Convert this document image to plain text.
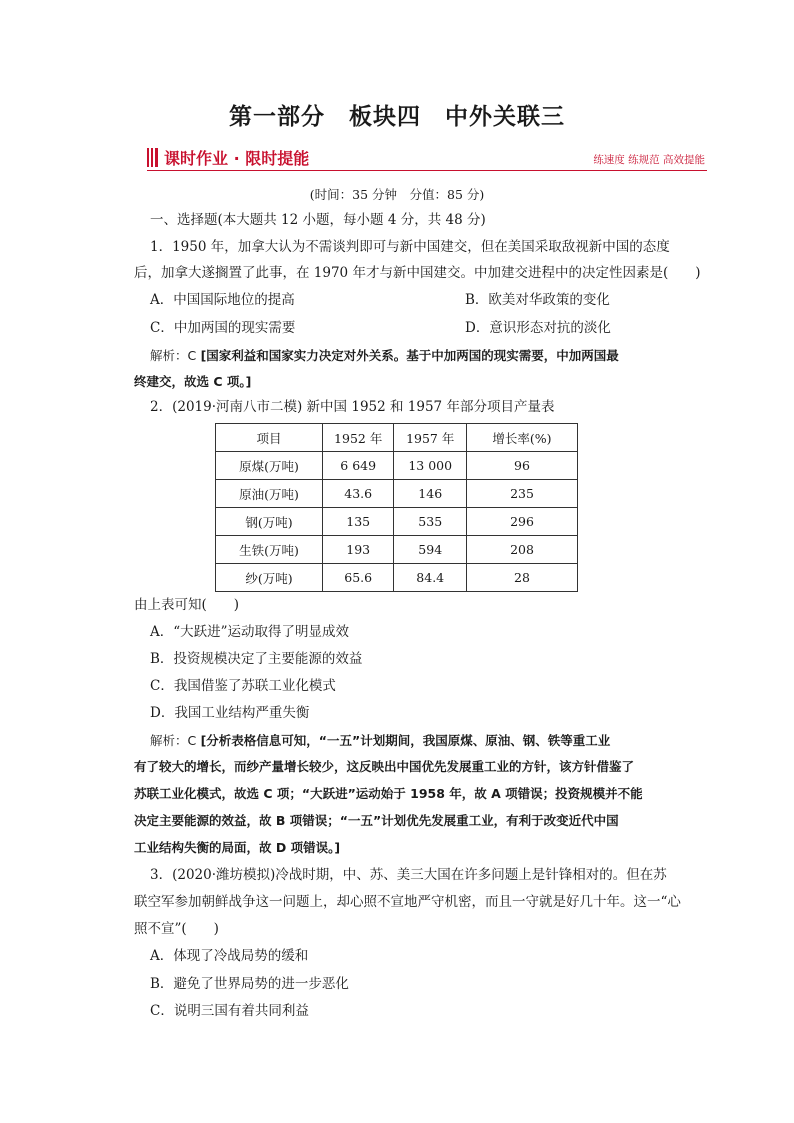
第一部分　板块四　中外关联三
课时作业 · 限时提能	练速度 练规范 高效提能
(时间：35 分钟　分值：85 分)
一、选择题(本大题共 12 小题，每小题 4 分，共 48 分)
1．1950 年，加拿大认为不需谈判即可与新中国建交，但在美国采取敌视新中国的态度
后，加拿大遂搁置了此事，在 1970 年才与新中国建交。中加建交进程中的决定性因素是(　　)
A．中国国际地位的提高	B．欧美对华政策的变化
C．中加两国的现实需要	D．意识形态对抗的淡化
解析：C [国家利益和国家实力决定对外关系。基于中加两国的现实需要，中加两国最
终建交，故选 C 项。]
2．(2019·河南八市二模) 新中国 1952 和 1957 年部分项目产量表
项目	1952 年	1957 年	增长率(%)
原煤(万吨)	6 649	13 000	96
原油(万吨)	43.6	146	235
钢(万吨)	135	535	296
生铁(万吨)	193	594	208
纱(万吨)	65.6	84.4	28
由上表可知(　　)
A．“大跃进”运动取得了明显成效
B．投资规模决定了主要能源的效益
C．我国借鉴了苏联工业化模式
D．我国工业结构严重失衡
解析：C [分析表格信息可知，“一五”计划期间，我国原煤、原油、钢、铁等重工业
有了较大的增长，而纱产量增长较少，这反映出中国优先发展重工业的方针，该方针借鉴了
苏联工业化模式，故选 C 项；“大跃进”运动始于 1958 年，故 A 项错误；投资规模并不能
决定主要能源的效益，故 B 项错误；“一五”计划优先发展重工业，有利于改变近代中国
工业结构失衡的局面，故 D 项错误。]
3．(2020·潍坊模拟)冷战时期，中、苏、美三大国在许多问题上是针锋相对的。但在苏
联空军参加朝鲜战争这一问题上，却心照不宣地严守机密，而且一守就是好几十年。这一“心
照不宣”(　　)
A．体现了冷战局势的缓和
B．避免了世界局势的进一步恶化
C．说明三国有着共同利益
